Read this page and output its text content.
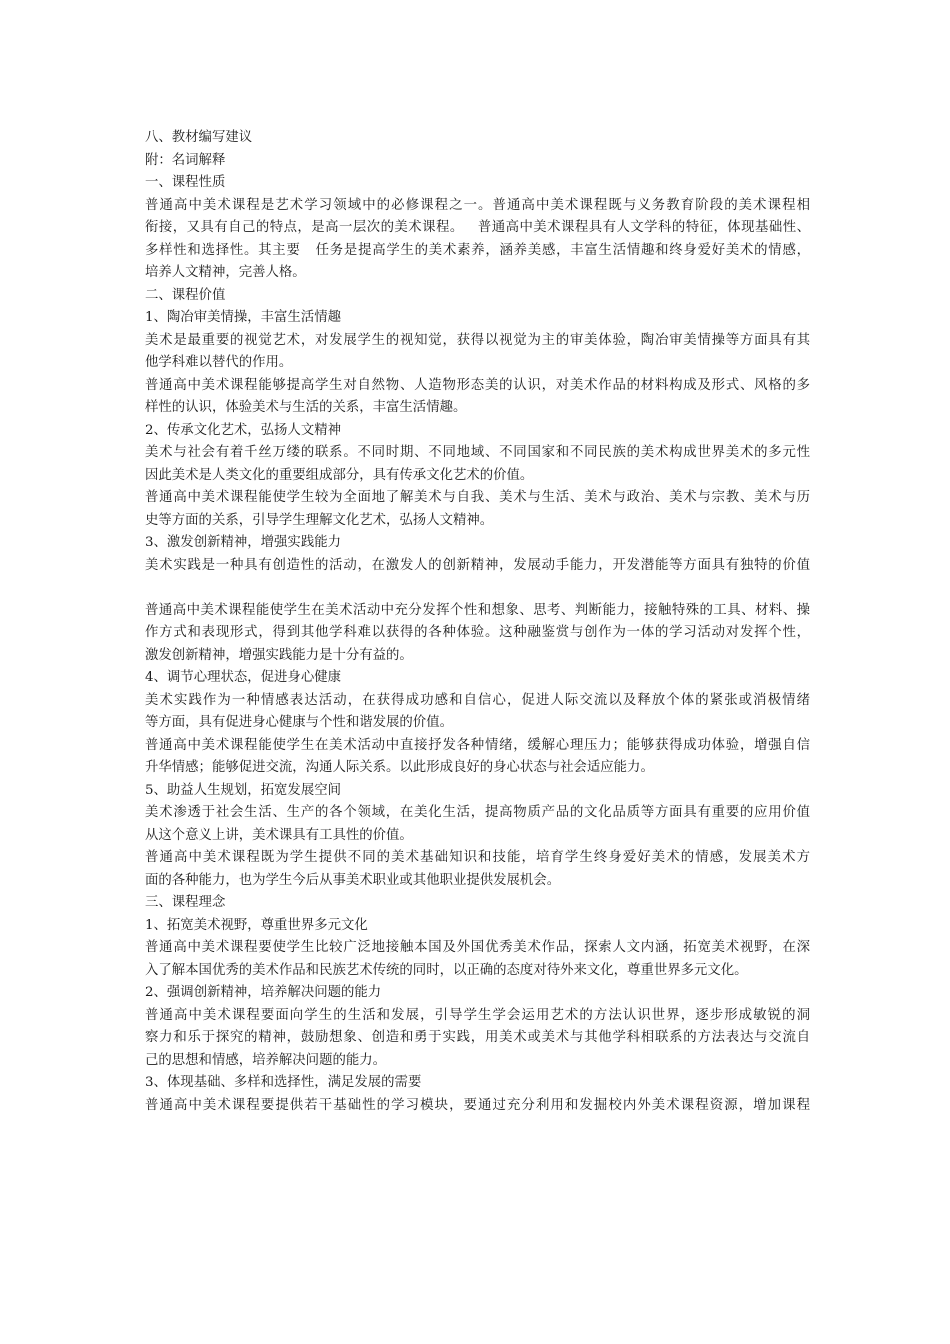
八、教材编写建议
附：名词解释
一、课程性质
普通高中美术课程是艺术学习领域中的必修课程之一。普通高中美术课程既与义务教育阶段的美术课程相
衔接，又具有自己的特点，是高一层次的美术课程。   普通高中美术课程具有人文学科的特征，体现基础性、
多样性和选择性。其主要   任务是提高学生的美术素养，涵养美感，丰富生活情趣和终身爱好美术的情感，
培养人文精神，完善人格。
二、课程价值
1、陶冶审美情操，丰富生活情趣
美术是最重要的视觉艺术，对发展学生的视知觉，获得以视觉为主的审美体验，陶冶审美情操等方面具有其
他学科难以替代的作用。
普通高中美术课程能够提高学生对自然物、人造物形态美的认识，对美术作品的材料构成及形式、风格的多
样性的认识，体验美术与生活的关系，丰富生活情趣。
2、传承文化艺术，弘扬人文精神
美术与社会有着千丝万缕的联系。不同时期、不同地域、不同国家和不同民族的美术构成世界美术的多元性
因此美术是人类文化的重要组成部分，具有传承文化艺术的价值。
普通高中美术课程能使学生较为全面地了解美术与自我、美术与生活、美术与政治、美术与宗教、美术与历
史等方面的关系，引导学生理解文化艺术，弘扬人文精神。
3、激发创新精神，增强实践能力
美术实践是一种具有创造性的活动，在激发人的创新精神，发展动手能力，开发潜能等方面具有独特的价值
普通高中美术课程能使学生在美术活动中充分发挥个性和想象、思考、判断能力，接触特殊的工具、材料、操
作方式和表现形式，得到其他学科难以获得的各种体验。这种融鉴赏与创作为一体的学习活动对发挥个性，
激发创新精神，增强实践能力是十分有益的。
4、调节心理状态，促进身心健康
美术实践作为一种情感表达活动，在获得成功感和自信心，促进人际交流以及释放个体的紧张或消极情绪
等方面，具有促进身心健康与个性和谐发展的价值。
普通高中美术课程能使学生在美术活动中直接抒发各种情绪，缓解心理压力；能够获得成功体验，增强自信
升华情感；能够促进交流，沟通人际关系。以此形成良好的身心状态与社会适应能力。
5、助益人生规划，拓宽发展空间
美术渗透于社会生活、生产的各个领域，在美化生活，提高物质产品的文化品质等方面具有重要的应用价值
从这个意义上讲，美术课具有工具性的价值。
普通高中美术课程既为学生提供不同的美术基础知识和技能，培育学生终身爱好美术的情感，发展美术方
面的各种能力，也为学生今后从事美术职业或其他职业提供发展机会。
三、课程理念
1、拓宽美术视野，尊重世界多元文化
普通高中美术课程要使学生比较广泛地接触本国及外国优秀美术作品，探索人文内涵，拓宽美术视野，在深
入了解本国优秀的美术作品和民族艺术传统的同时，以正确的态度对待外来文化，尊重世界多元文化。
2、强调创新精神，培养解决问题的能力
普通高中美术课程要面向学生的生活和发展，引导学生学会运用艺术的方法认识世界，逐步形成敏锐的洞
察力和乐于探究的精神，鼓励想象、创造和勇于实践，用美术或美术与其他学科相联系的方法表达与交流自
己的思想和情感，培养解决问题的能力。
3、体现基础、多样和选择性，满足发展的需要
普通高中美术课程要提供若干基础性的学习模块，要通过充分利用和发掘校内外美术课程资源，增加课程
